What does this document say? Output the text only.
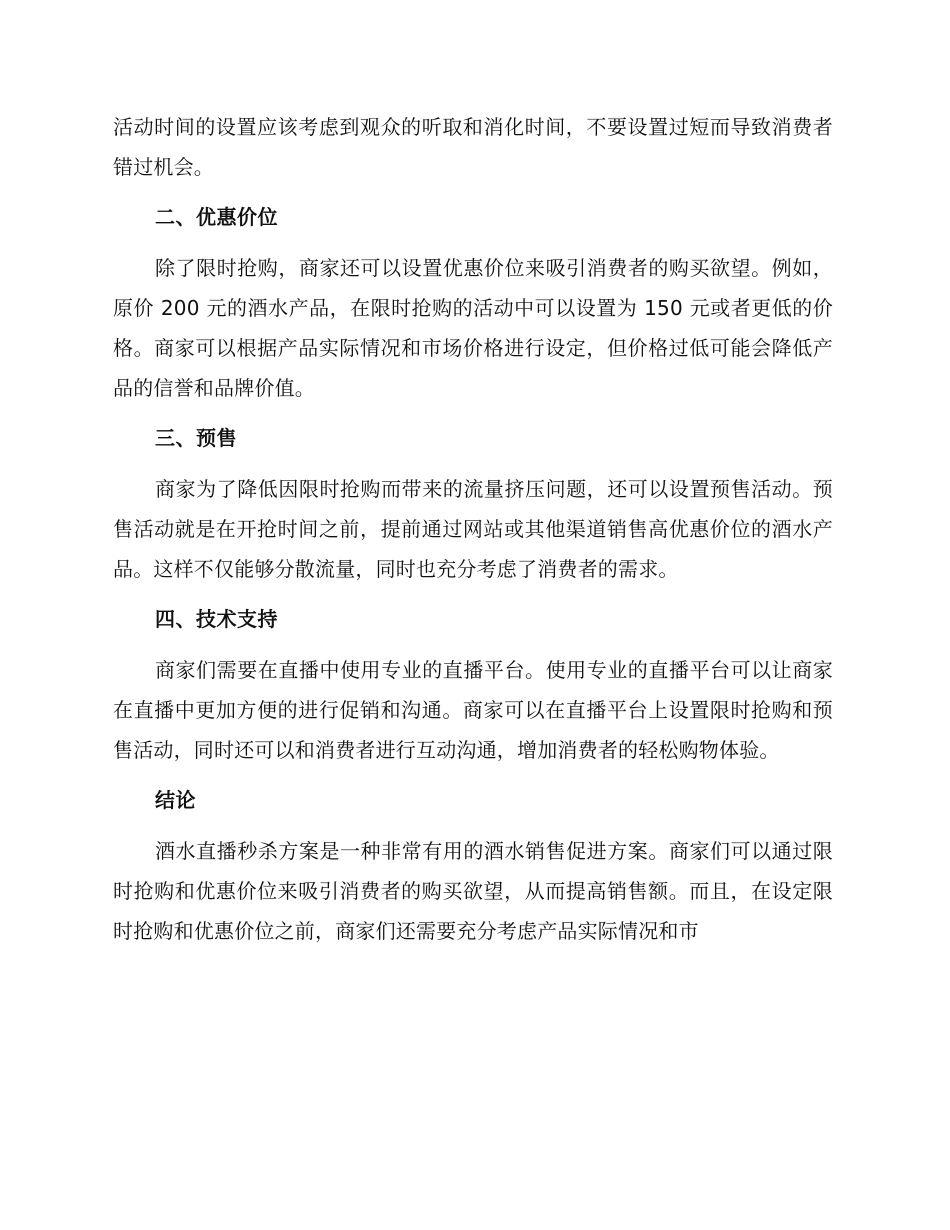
活动时间的设置应该考虑到观众的听取和消化时间，不要设置过短而导致消费者错过机会。

二、优惠价位

除了限时抢购，商家还可以设置优惠价位来吸引消费者的购买欲望。例如，原价 200 元的酒水产品，在限时抢购的活动中可以设置为 150 元或者更低的价格。商家可以根据产品实际情况和市场价格进行设定，但价格过低可能会降低产品的信誉和品牌价值。

三、预售

商家为了降低因限时抢购而带来的流量挤压问题，还可以设置预售活动。预售活动就是在开抢时间之前，提前通过网站或其他渠道销售高优惠价位的酒水产品。这样不仅能够分散流量，同时也充分考虑了消费者的需求。

四、技术支持

商家们需要在直播中使用专业的直播平台。使用专业的直播平台可以让商家在直播中更加方便的进行促销和沟通。商家可以在直播平台上设置限时抢购和预售活动，同时还可以和消费者进行互动沟通，增加消费者的轻松购物体验。

结论

酒水直播秒杀方案是一种非常有用的酒水销售促进方案。商家们可以通过限时抢购和优惠价位来吸引消费者的购买欲望，从而提高销售额。而且，在设定限时抢购和优惠价位之前，商家们还需要充分考虑产品实际情况和市
